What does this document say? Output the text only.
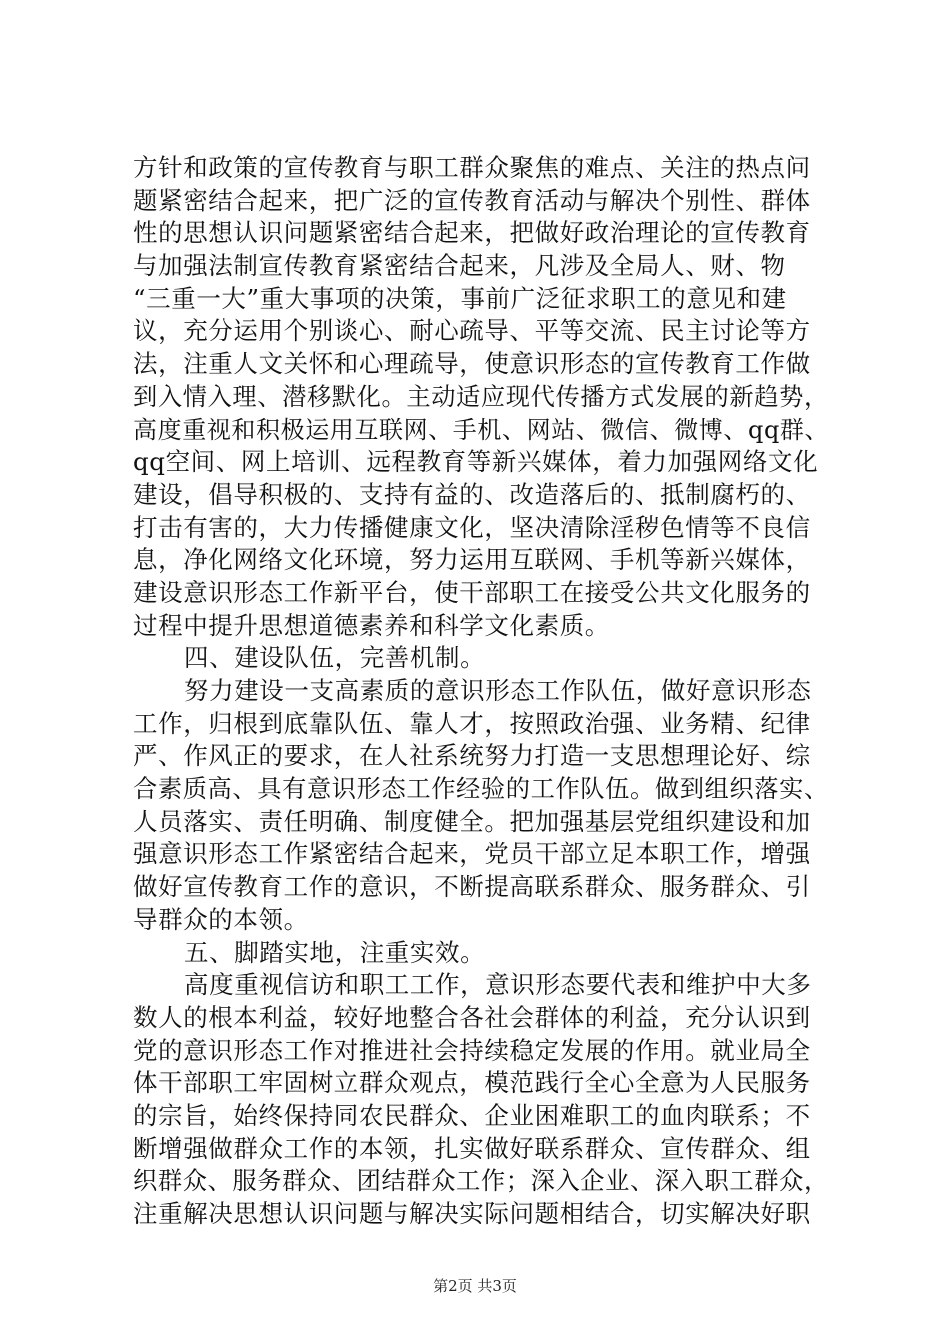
方针和政策的宣传教育与职工群众聚焦的难点、关注的热点问
题紧密结合起来，把广泛的宣传教育活动与解决个别性、群体
性的思想认识问题紧密结合起来，把做好政治理论的宣传教育
与加强法制宣传教育紧密结合起来，凡涉及全局人、财、物
“三重一大”重大事项的决策，事前广泛征求职工的意见和建
议，充分运用个别谈心、耐心疏导、平等交流、民主讨论等方
法，注重人文关怀和心理疏导，使意识形态的宣传教育工作做
到入情入理、潜移默化。主动适应现代传播方式发展的新趋势，
高度重视和积极运用互联网、手机、网站、微信、微博、qq群、
qq空间、网上培训、远程教育等新兴媒体，着力加强网络文化
建设，倡导积极的、支持有益的、改造落后的、抵制腐朽的、
打击有害的，大力传播健康文化，坚决清除淫秽色情等不良信
息，净化网络文化环境，努力运用互联网、手机等新兴媒体，
建设意识形态工作新平台，使干部职工在接受公共文化服务的
过程中提升思想道德素养和科学文化素质。
四、建设队伍，完善机制。
努力建设一支高素质的意识形态工作队伍，做好意识形态
工作，归根到底靠队伍、靠人才，按照政治强、业务精、纪律
严、作风正的要求，在人社系统努力打造一支思想理论好、综
合素质高、具有意识形态工作经验的工作队伍。做到组织落实、
人员落实、责任明确、制度健全。把加强基层党组织建设和加
强意识形态工作紧密结合起来，党员干部立足本职工作，增强
做好宣传教育工作的意识，不断提高联系群众、服务群众、引
导群众的本领。
五、脚踏实地，注重实效。
高度重视信访和职工工作，意识形态要代表和维护中大多
数人的根本利益，较好地整合各社会群体的利益，充分认识到
党的意识形态工作对推进社会持续稳定发展的作用。就业局全
体干部职工牢固树立群众观点，模范践行全心全意为人民服务
的宗旨，始终保持同农民群众、企业困难职工的血肉联系；不
断增强做群众工作的本领，扎实做好联系群众、宣传群众、组
织群众、服务群众、团结群众工作；深入企业、深入职工群众，
注重解决思想认识问题与解决实际问题相结合，切实解决好职
第2页 共3页
